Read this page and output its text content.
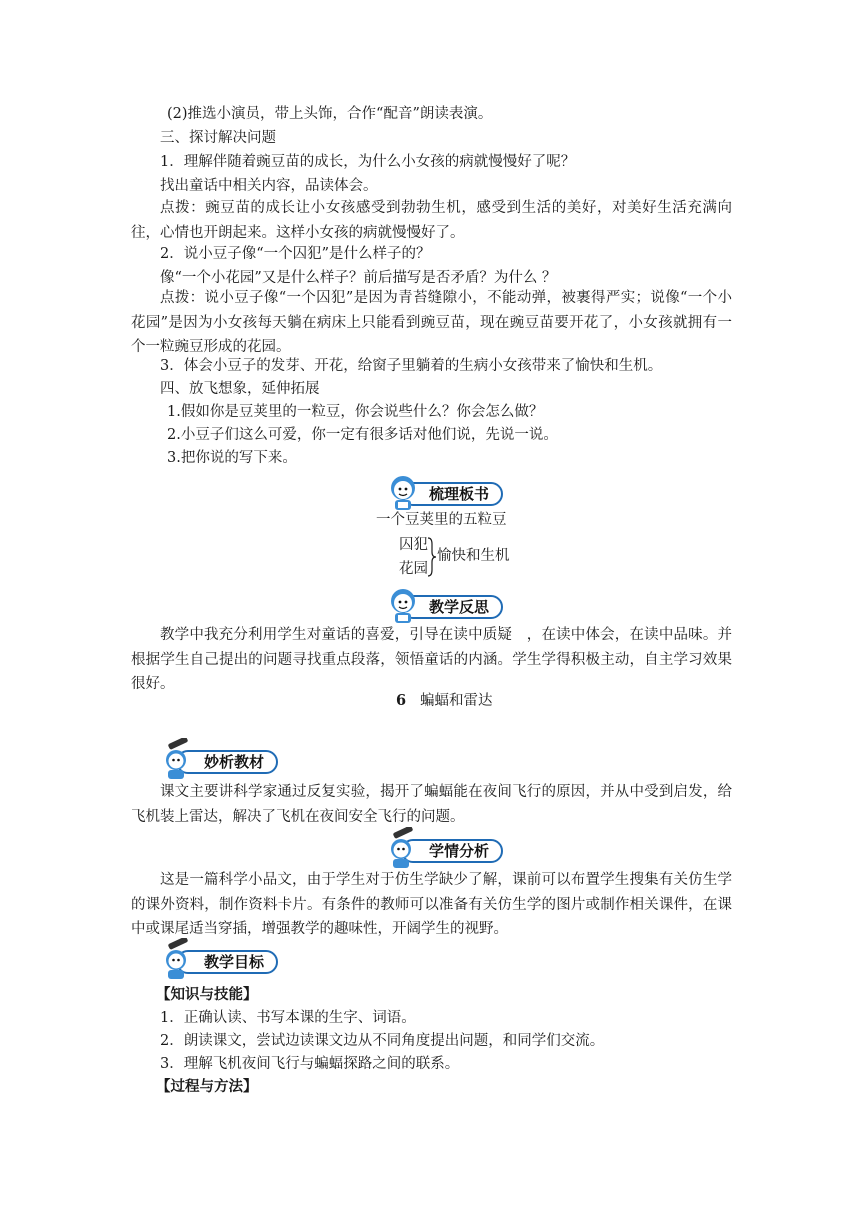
(2)推选小演员，带上头饰，合作“配音”朗读表演。
三、探讨解决问题
1．理解伴随着豌豆苗的成长，为什么小女孩的病就慢慢好了呢？
找出童话中相关内容，品读体会。
点拨：豌豆苗的成长让小女孩感受到勃勃生机，感受到生活的美好，对美好生活充满向往，心情也开朗起来。这样小女孩的病就慢慢好了。
2．说小豆子像“一个囚犯”是什么样子的？
像“一个小花园”又是什么样子？前后描写是否矛盾？为什么 ？
点拨：说小豆子像“一个囚犯”是因为青苔缝隙小，不能动弹，被裹得严实；说像“一个小花园”是因为小女孩每天躺在病床上只能看到豌豆苗，现在豌豆苗要开花了，小女孩就拥有一个一粒豌豆形成的花园。
3．体会小豆子的发芽、开花，给窗子里躺着的生病小女孩带来了愉快和生机。
四、放飞想象，延伸拓展
1.假如你是豆荚里的一粒豆，你会说些什么？你会怎么做？
2.小豆子们这么可爱，你一定有很多话对他们说，先说一说。
3.把你说的写下来。
梳理板书
一个豆荚里的五粒豆
囚犯
花园
愉快和生机
教学反思
教学中我充分利用学生对童话的喜爱，引导在读中质疑　，在读中体会，在读中品味。并根据学生自己提出的问题寻找重点段落，领悟童话的内涵。学生学得积极主动，自主学习效果很好。
6 蝙蝠和雷达
妙析教材
课文主要讲科学家通过反复实验，揭开了蝙蝠能在夜间飞行的原因，并从中受到启发，给飞机装上雷达，解决了飞机在夜间安全飞行的问题。
学情分析
这是一篇科学小品文，由于学生对于仿生学缺少了解，课前可以布置学生搜集有关仿生学的课外资料，制作资料卡片。有条件的教师可以准备有关仿生学的图片或制作相关课件，在课中或课尾适当穿插，增强教学的趣味性，开阔学生的视野。
教学目标
【知识与技能】
1．正确认读、书写本课的生字、词语。
2．朗读课文，尝试边读课文边从不同角度提出问题，和同学们交流。
3．理解飞机夜间飞行与蝙蝠探路之间的联系。
【过程与方法】
